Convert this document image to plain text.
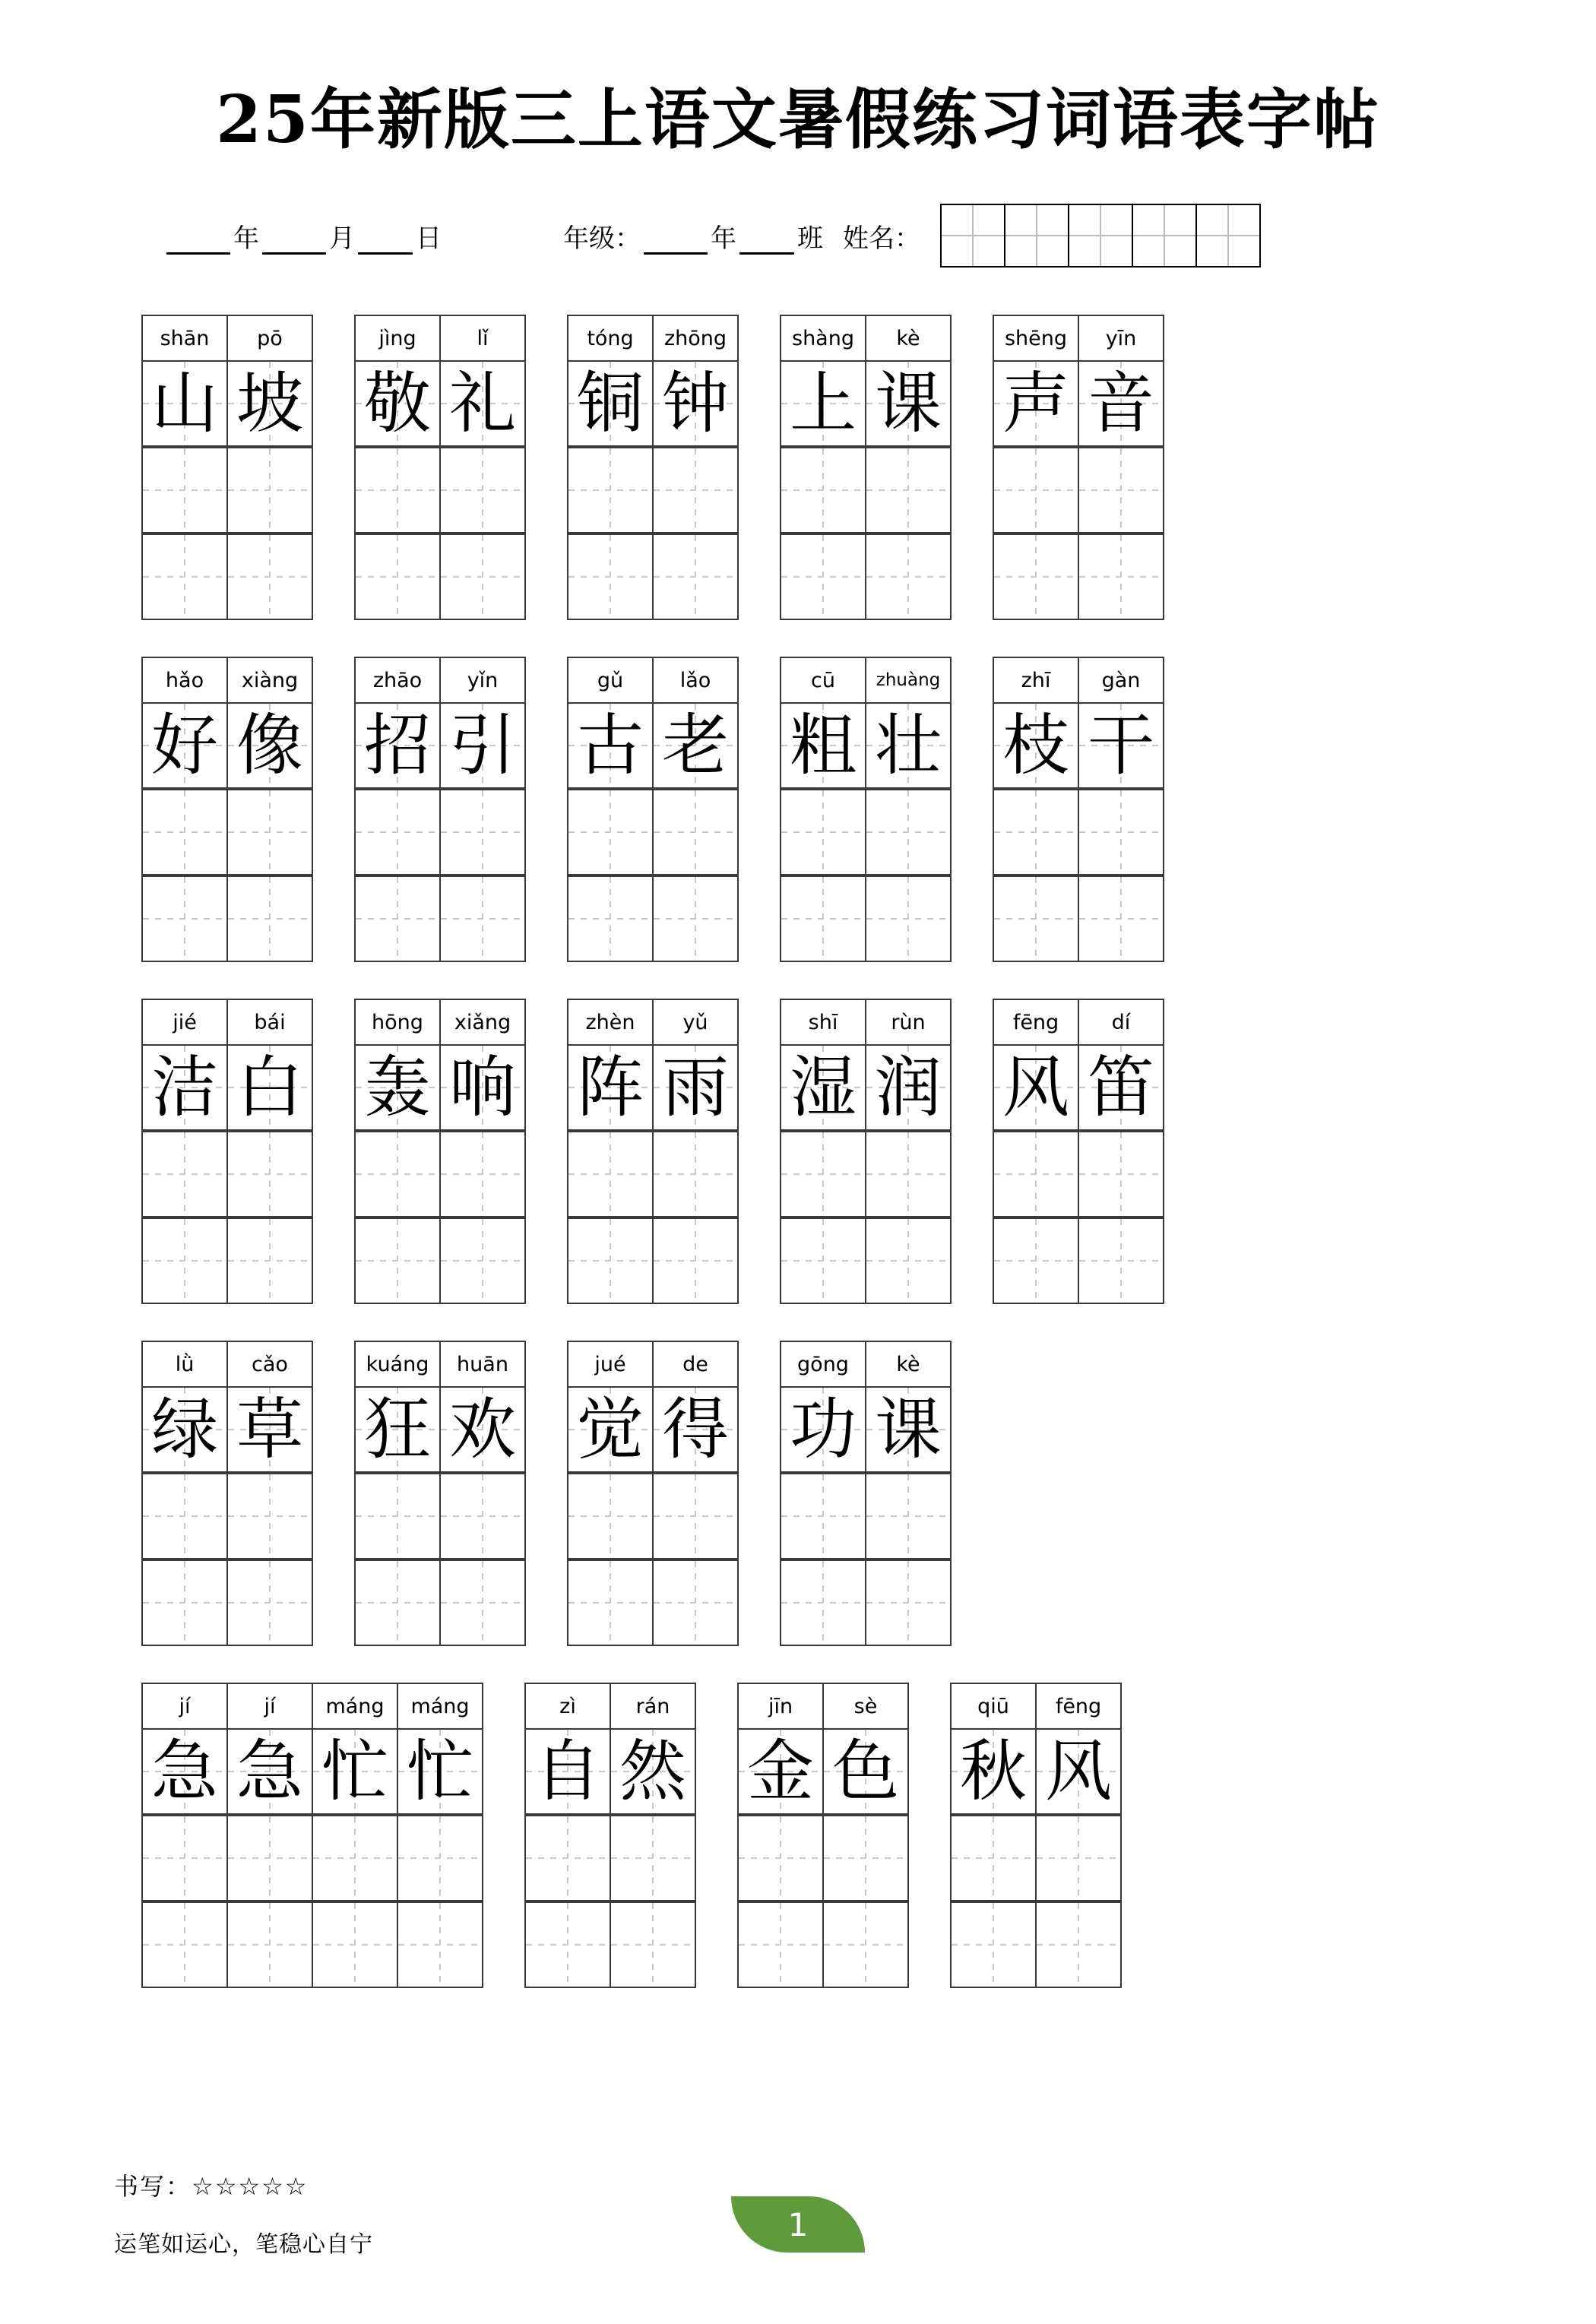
25年新版三上语文暑假练习词语表字帖
年	月 日	年级：	年 班 姓名：
shān	pō
山 坡
jìng	lǐ
敬 礼
tóng	zhōng
铜 钟
shàng	kè
上 课
shēng	yīn
声 音
hǎo	xiàng
好 像
zhāo	yǐn
招 引
gǔ	lǎo
古 老
cū	zhuàng
粗 壮
zhī	gàn
枝 干
jié	bái
洁 白
hōng	xiǎng
轰 响
zhèn	yǔ
阵 雨
shī	rùn
湿 润
fēng	dí
风 笛
lǜ	cǎo
绿 草
kuáng	huān
狂 欢
jué	de
觉 得
gōng	kè
功 课
jí	jí	máng	máng
急 急 忙 忙
zì	rán
自 然
jīn	sè
金 色
qiū	fēng
秋 风
书写：☆☆☆☆☆
运笔如运心，笔稳心自宁
1
